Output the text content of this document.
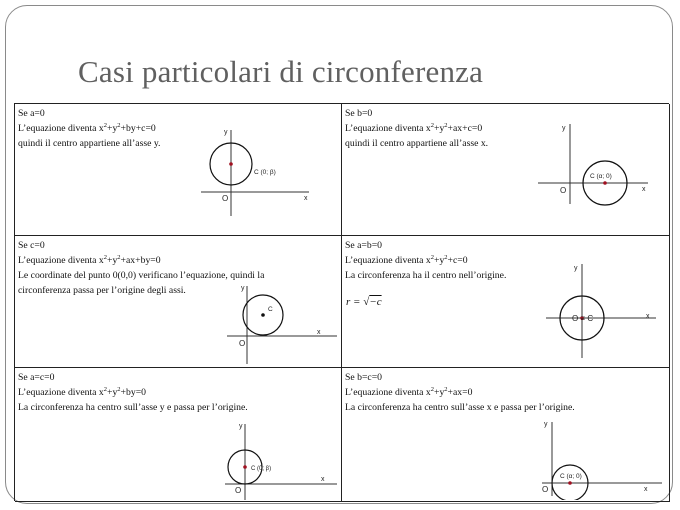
Casi particolari di circonferenza
Se a=0
L’equazione diventa $x^2+y^2+by+c=0$
quindi il centro appartiene all’asse y.
y
x
O
C (0; β)
Se b=0
L’equazione diventa $x^2+y^2+ax+c=0$
quindi il centro appartiene all’asse x.
y
x
O
C (α; 0)
Se c=0
L’equazione diventa $x^2+y^2+ax+by=0$
Le coordinate del punto 0(0,0) verificano l’equazione, quindi la
circonferenza passa per l’origine degli assi.	y
x
O
C
Se a=b=0
L’equazione diventa $x^2+y^2+c=0$
La circonferenza ha il centro nell’origine.
r = √−c
y
x
O ≡ C
Se a=c=0
L’equazione diventa $x^2+y^2+by=0$
La circonferenza ha centro sull’asse y e passa per l’origine.
y
x
O
C (0; β)
Se b=c=0
L’equazione diventa $x^2+y^2+ax=0$
La circonferenza ha centro sull’asse x e passa per l’origine.
y
x
O
C (α; 0)
